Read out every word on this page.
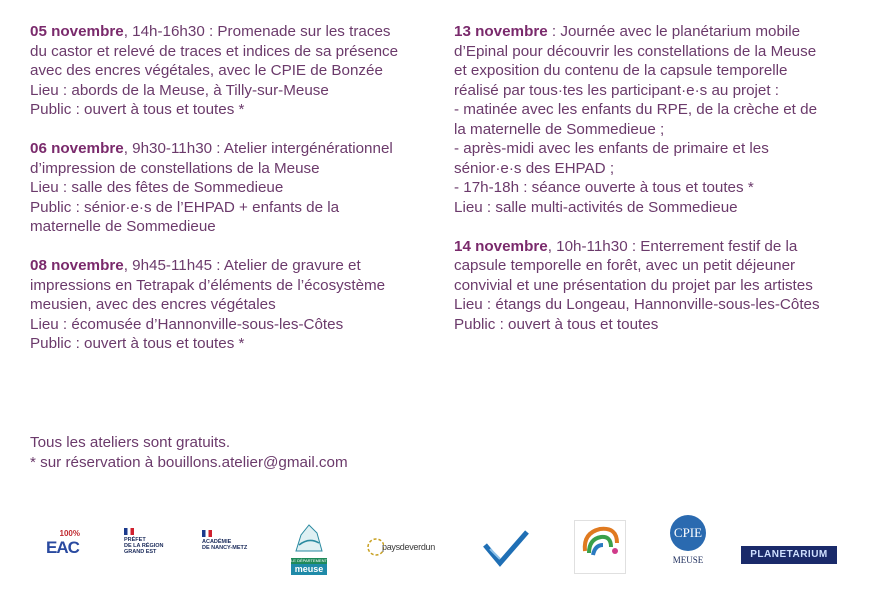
05 novembre, 14h-16h30 : Promenade sur les traces
du castor et relevé de traces et indices de sa présence
avec des encres végétales, avec le CPIE de Bonzée
Lieu : abords de la Meuse, à Tilly-sur-Meuse
Public : ouvert à tous et toutes *
06 novembre, 9h30-11h30 : Atelier intergénérationnel
d’impression de constellations de la Meuse
Lieu : salle des fêtes de Sommedieue
Public : sénior·e·s de l’EHPAD + enfants de la
maternelle de Sommedieue
08 novembre, 9h45-11h45 : Atelier de gravure et
impressions en Tetrapak d’éléments de l’écosystème
meusien, avec des encres végétales
Lieu : écomusée d’Hannonville-sous-les-Côtes
Public : ouvert à tous et toutes *
13 novembre : Journée avec le planétarium mobile
d’Epinal pour découvrir les constellations de la Meuse
et exposition du contenu de la capsule temporelle
réalisé par tous·tes les participant·e·s au projet :
- matinée avec les enfants du RPE, de la crèche et de
la maternelle de Sommedieue ;
- après-midi avec les enfants de primaire et les
sénior·e·s des EHPAD ;
- 17h-18h : séance ouverte à tous et toutes *
Lieu : salle multi-activités de Sommedieue
14 novembre, 10h-11h30 : Enterrement festif de la
capsule temporelle en forêt, avec un petit déjeuner
convivial et une présentation du projet par les artistes
Lieu : étangs du Longeau, Hannonville-sous-les-Côtes
Public : ouvert à tous et toutes
Tous les ateliers sont gratuits.
* sur réservation à bouillons.atelier@gmail.com
100%
EAC	PRÉFET
DE LA RÉGION
GRAND EST
ACADÉMIE
DE NANCY-METZ
LE DÉPARTEMENT
meuse
paysdeverdun
CPIE
MEUSE	PLANETARIUM
